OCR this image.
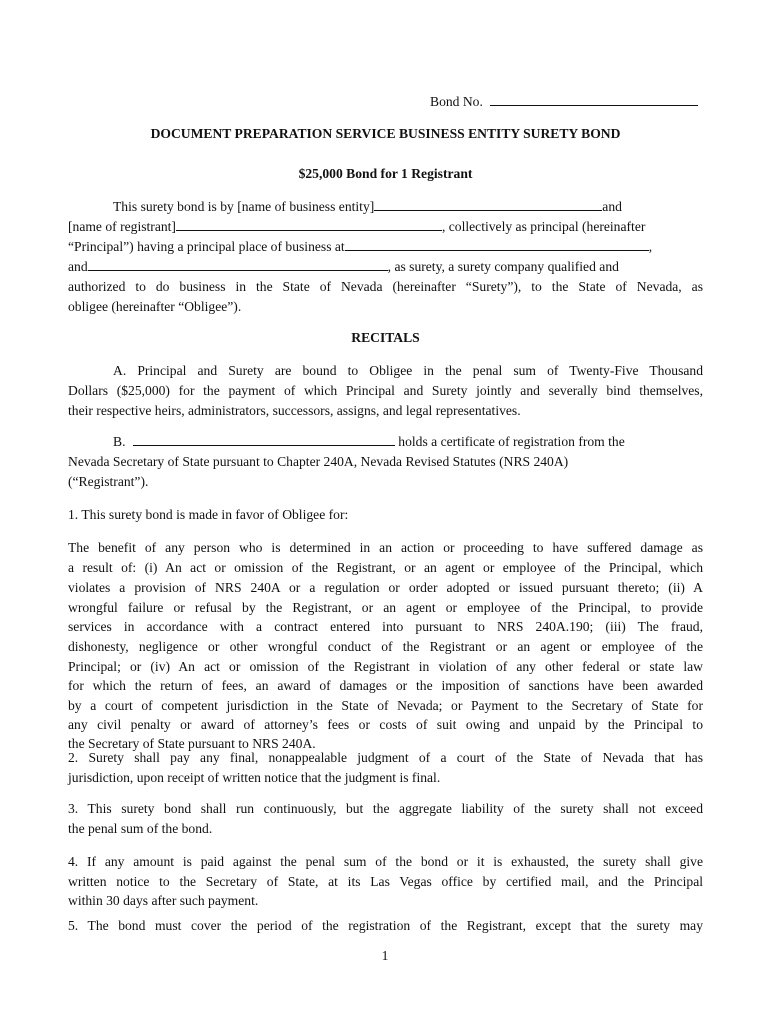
Bond No.
DOCUMENT PREPARATION SERVICE BUSINESS ENTITY SURETY BOND
$25,000 Bond for 1 Registrant
This surety bond is by [name of business entity]	and
[name of registrant]	, collectively as principal (hereinafter
“Principal”) having a principal place of business at	,
and	, as surety, a surety company qualified and
authorized to do business in the State of Nevada (hereinafter “Surety”), to the State of Nevada, as
obligee (hereinafter “Obligee”).
RECITALS
A. Principal and Surety are bound to Obligee in the penal sum of Twenty-Five Thousand
Dollars ($25,000) for the payment of which Principal and Surety jointly and severally bind themselves,
their respective heirs, administrators, successors, assigns, and legal representatives.
B.	holds a certificate of registration from the
Nevada Secretary of State pursuant to Chapter 240A, Nevada Revised Statutes (NRS 240A)
(“Registrant”).
1. This surety bond is made in favor of Obligee for:
The benefit of any person who is determined in an action or proceeding to have suffered damage as
a result of: (i) An act or omission of the Registrant, or an agent or employee of the Principal, which
violates a provision of NRS 240A or a regulation or order adopted or issued pursuant thereto; (ii) A
wrongful failure or refusal by the Registrant, or an agent or employee of the Principal, to provide
services in accordance with a contract entered into pursuant to NRS 240A.190; (iii) The fraud,
dishonesty, negligence or other wrongful conduct of the Registrant or an agent or employee of the
Principal; or (iv) An act or omission of the Registrant in violation of any other federal or state law
for which the return of fees, an award of damages or the imposition of sanctions have been awarded
by a court of competent jurisdiction in the State of Nevada; or Payment to the Secretary of State for
any civil penalty or award of attorney’s fees or costs of suit owing and unpaid by the Principal to
the Secretary of State pursuant to NRS 240A.
2. Surety shall pay any final, nonappealable judgment of a court of the State of Nevada that has
jurisdiction, upon receipt of written notice that the judgment is final.
3. This surety bond shall run continuously, but the aggregate liability of the surety shall not exceed
the penal sum of the bond.
4. If any amount is paid against the penal sum of the bond or it is exhausted, the surety shall give
written notice to the Secretary of State, at its Las Vegas office by certified mail, and the Principal
within 30 days after such payment.
5. The bond must cover the period of the registration of the Registrant, except that the surety may
1
